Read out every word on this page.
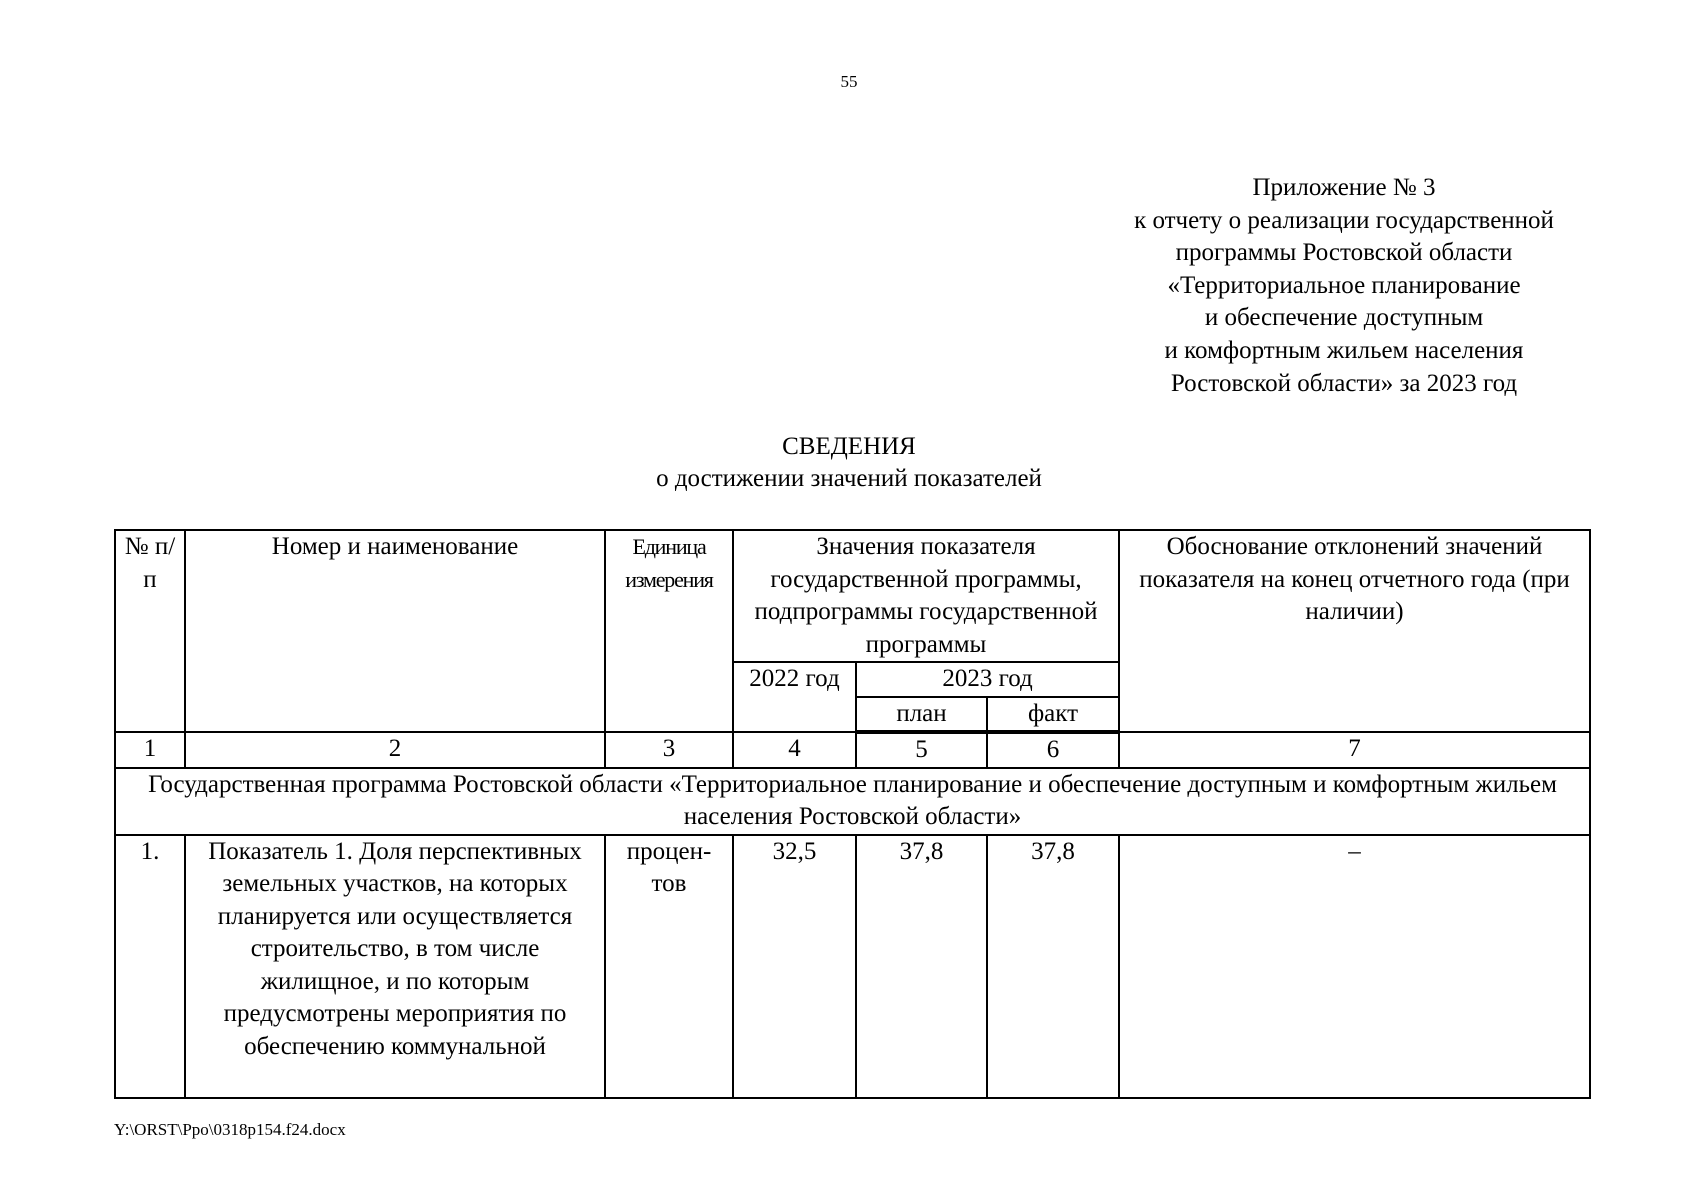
55
Приложение № 3
к отчету о реализации государственной
программы Ростовской области
«Территориальное планирование
и обеспечение доступным
и комфортным жильем населения
Ростовской области» за 2023 год
СВЕДЕНИЯ
о достижении значений показателей
№ п/п	Номер и наименование	Единица измерения	Значения показателя государственной программы, подпрограммы государственной программы			Обоснование отклонений значений показателя на конец отчетного года (при наличии)
			2022 год	2023 год		
				план	факт	
1	2	3	4	5	6	7
Государственная программа Ростовской области «Территориальное планирование и обеспечение доступным и комфортным жильем населения Ростовской области»						
1.	Показатель 1. Доля перспективных земельных участков, на которых планируется или осуществляется строительство, в том числе жилищное, и по которым предусмотрены мероприятия по обеспечению коммунальной	процен- тов	32,5	37,8	37,8	–
Y:\ORST\Ppo\0318p154.f24.docx
